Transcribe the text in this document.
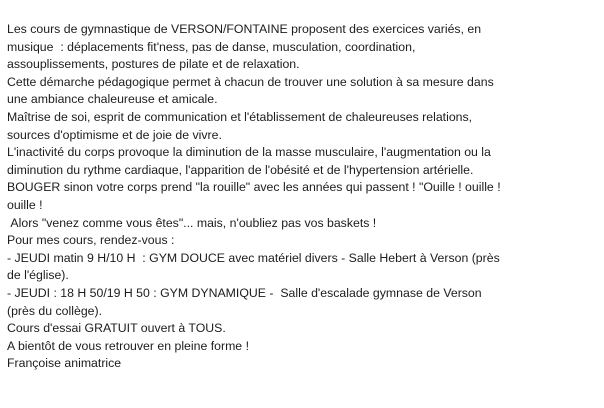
Les cours de gymnastique de VERSON/FONTAINE proposent des exercices variés, en
musique  : déplacements fit'ness, pas de danse, musculation, coordination,
assouplissements, postures de pilate et de relaxation.

Cette démarche pédagogique permet à chacun de trouver une solution à sa mesure dans
une ambiance chaleureuse et amicale.

Maîtrise de soi, esprit de communication et l'établissement de chaleureuses relations,
sources d'optimisme et de joie de vivre.

L'inactivité du corps provoque la diminution de la masse musculaire, l'augmentation ou la
diminution du rythme cardiaque, l'apparition de l'obésité et de l'hypertension artérielle.

BOUGER sinon votre corps prend "la rouille" avec les années qui passent ! "Ouille ! ouille !
ouille !

Alors "venez comme vous êtes"... mais, n'oubliez pas vos baskets !

Pour mes cours, rendez-vous :

- JEUDI matin 9 H/10 H  : GYM DOUCE avec matériel divers - Salle Hebert à Verson (près
de l'église).

- JEUDI : 18 H 50/19 H 50 : GYM DYNAMIQUE -  Salle d'escalade gymnase de Verson
(près du collège).

Cours d'essai GRATUIT ouvert à TOUS.

A bientôt de vous retrouver en pleine forme !

Françoise animatrice
